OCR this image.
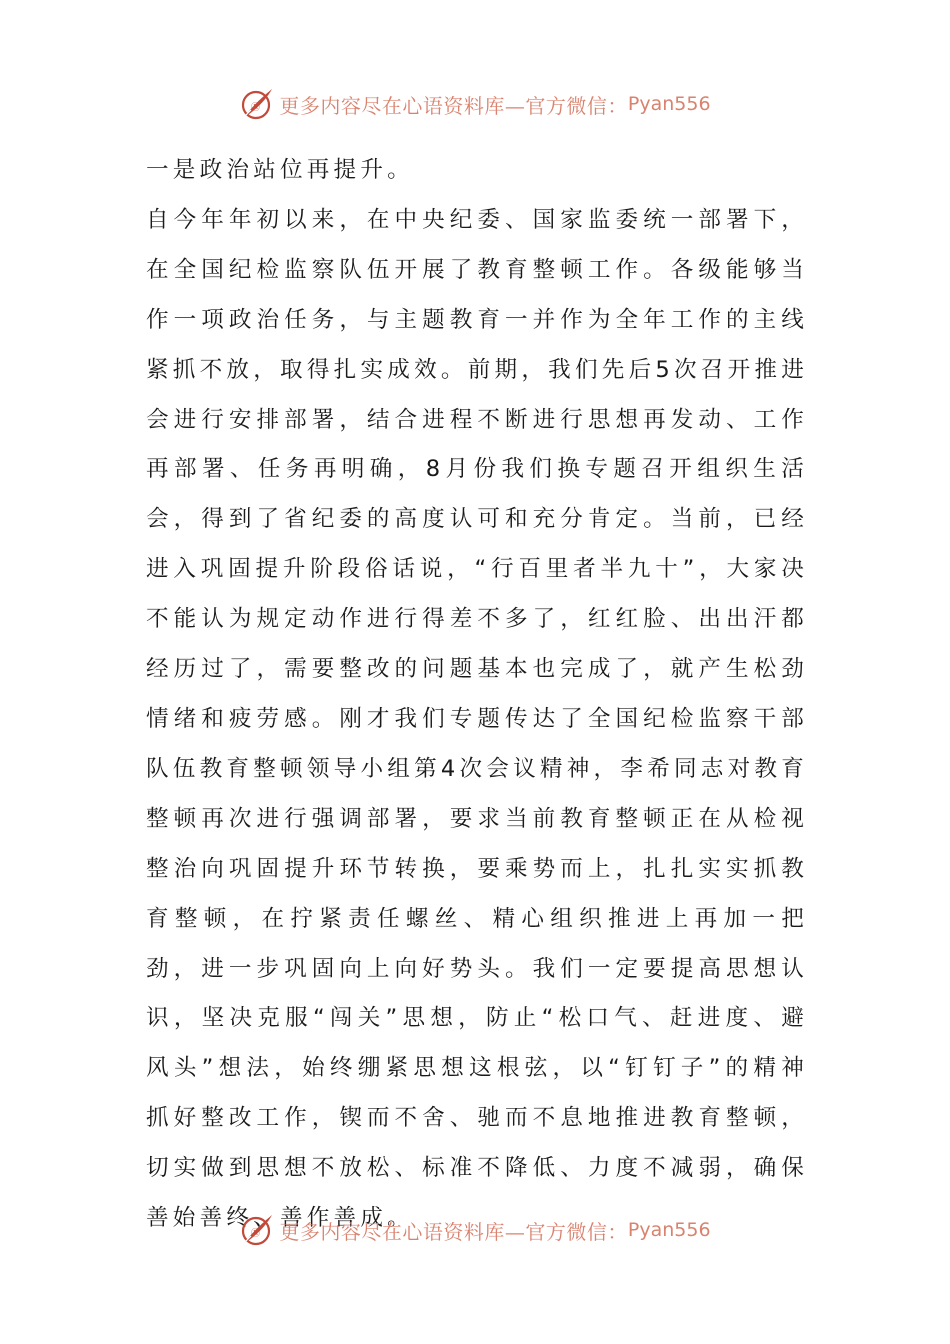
Ⓡ 更多内容尽在心语资料库—官方微信： Pyan556

一是政治站位再提升。

自今年年初以来，在中央纪委、国家监委统一部署下，在全国纪检监察队伍开展了教育整顿工作。各级能够当作一项政治任务，与主题教育一并作为全年工作的主线紧抓不放，取得扎实成效。前期，我们先后5次召开推进会进行安排部署，结合进程不断进行思想再发动、工作再部署、任务再明确，8月份我们换专题召开组织生活会，得到了省纪委的高度认可和充分肯定。当前，已经进入巩固提升阶段俗话说，“行百里者半九十”，大家决不能认为规定动作进行得差不多了，红红脸、出出汗都经历过了，需要整改的问题基本也完成了，就产生松劲情绪和疲劳感。刚才我们专题传达了全国纪检监察干部队伍教育整顿领导小组第4次会议精神，李希同志对教育整顿再次进行强调部署，要求当前教育整顿正在从检视整治向巩固提升环节转换，要乘势而上，扎扎实实抓教育整顿，在拧紧责任螺丝、精心组织推进上再加一把劲，进一步巩固向上向好势头。我们一定要提高思想认识，坚决克服“闯关”思想，防止“松口气、赶进度、避风头”想法，始终绷紧思想这根弦，以“钉钉子”的精神抓好整改工作，锲而不舍、驰而不息地推进教育整顿，切实做到思想不放松、标准不降低、力度不减弱，确保善始善终、善作善成。

Ⓡ 更多内容尽在心语资料库—官方微信： Pyan556
